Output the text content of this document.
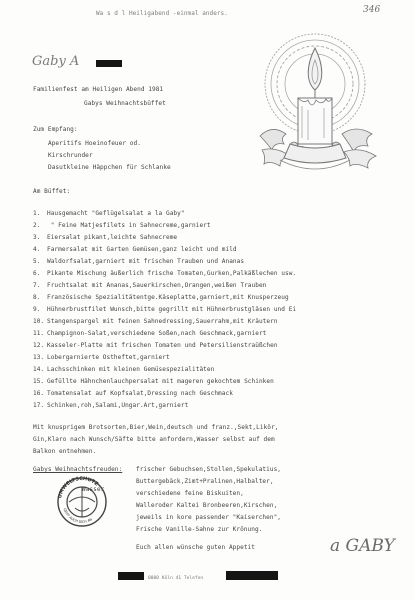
Wa s d l Heiligabend -einmal anders.	346
Gaby A
Familienfest am Heiligen Abend 1981
Gabys Weihnachtsbüffet
Zum Empfang:
Aperitifs Hoeinofeuer od.
Kirschrunder
Dasutkleine Häppchen für Schlanke
Am Büffet:
1. Hausgemacht "Geflügelsalat a la Gaby"
2. " Feine Matjesfilets in Sahnecreme,garniert
3. Eiersalat pikant,leichte Sahnecreme
4. Farmersalat mit Garten Gemüsen,ganz leicht und mild
5. Waldorfsalat,garniert mit frischen Trauben und Ananas
6. Pikante Mischung äußerlich frische Tomaten,Gurken,Palkäßlechen usw.
7. Fruchtsalat mit Ananas,Sauerkirschen,Orangen,weißen Trauben
8. Französische Spezialitätentge.Käseplatte,garniert,mit Knusperzeug
9. Hühnerbrustfilet Wunsch,bitte gegrillt mit Hühnerbrustgläsen und Ei
10. Stangenspargel mit feinen Sahnedressing,Sauerrahm,mit Kräutern
11. Champignon-Salat,verschiedene Soßen,nach Geschmack,garniert
12. Kasseler-Platte mit frischen Tomaten und Petersilienstraüßchen
13. Lobergarnierte Ostheftet,garniert
14. Lachsschinken mit kleinen Gemüsespezialitäten
15. Gefüllte Hähnchenlauchpersalat mit mageren gekochtem Schinken
16. Tomatensalat auf Kopfsalat,Dressing nach Geschmack
17. Schinken,roh,Salami,Ungar.Art,garniert
Mit knusprigem Brotsorten,Bier,Wein,deutsch und franz.,Sekt,Likör,
Gin,Klaro nach Wunsch/Säfte bitte anfordern,Wasser selbst auf dem
Balkon entnehmen.
Gabys Weihnachtsfreuden: frischer Gebuchsen,Stollen,Spekulatius,
Buttergebäck,Zimt+Pralinen,Halbalter,
Wasser
verschiedene feine Biskuiten,
Walleroder Kaltei Bronbeeren,Kirschen,
jeweils in kore passender "Kaiserchen",
Frische Vanille-Sahne zur Krönung.
Euch allen wünsche guten Appetit
UMWELTSCHUTZ
GEHT AUCH DICH AN
a GABY
0000 Köln 41 Telefon
